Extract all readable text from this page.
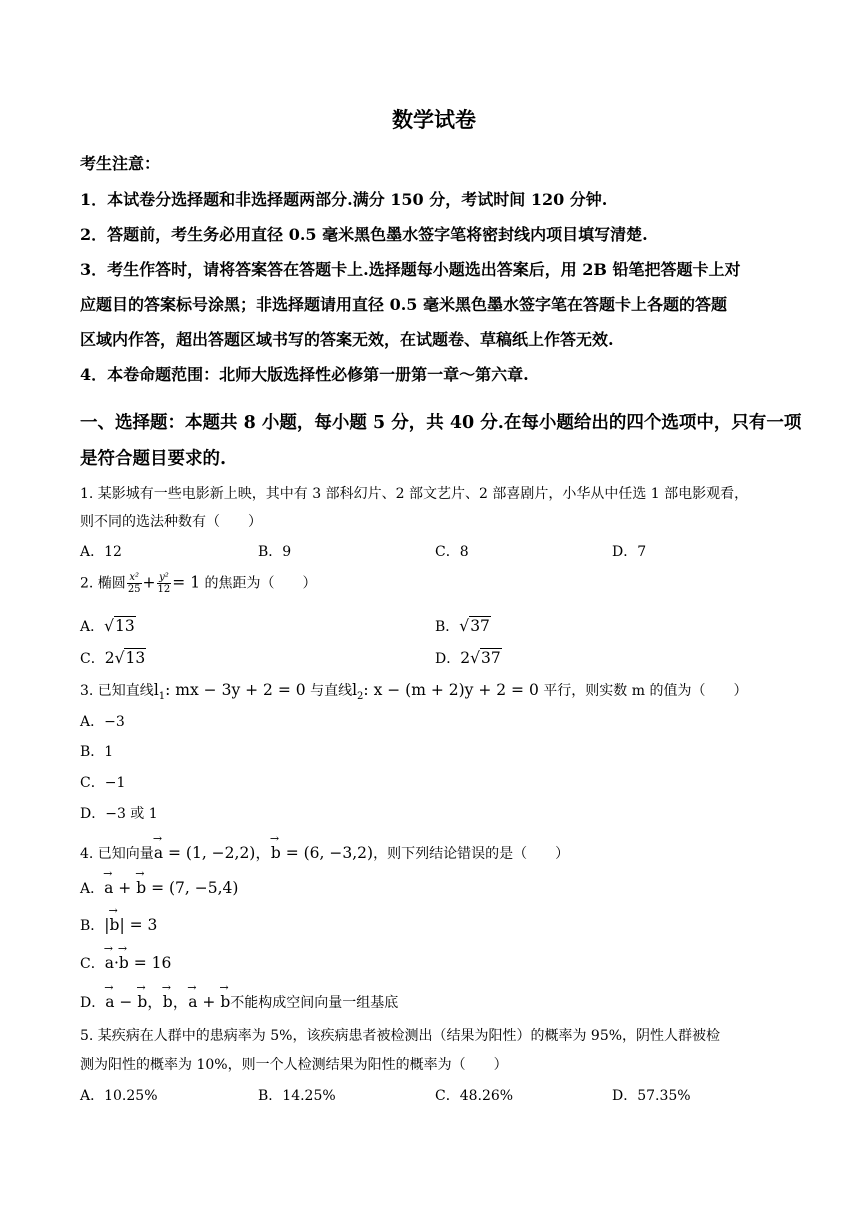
数学试卷
考生注意：
1．本试卷分选择题和非选择题两部分.满分 150 分，考试时间 120 分钟.
2．答题前，考生务必用直径 0.5 毫米黑色墨水签字笔将密封线内项目填写清楚.
3．考生作答时，请将答案答在答题卡上.选择题每小题选出答案后，用 2B 铅笔把答题卡上对
应题目的答案标号涂黑；非选择题请用直径 0.5 毫米黑色墨水签字笔在答题卡上各题的答题
区域内作答，超出答题区域书写的答案无效，在试题卷、草稿纸上作答无效.
4．本卷命题范围：北师大版选择性必修第一册第一章～第六章.
一、选择题：本题共 8 小题，每小题 5 分，共 40 分.在每小题给出的四个选项中，只有一项
是符合题目要求的.
1. 某影城有一些电影新上映，其中有 3 部科幻片、2 部文艺片、2 部喜剧片，小华从中任选 1 部电影观看，
则不同的选法种数有（　　）
A．12	B．9	C．8	D．7
2. 椭圆 $\frac{\text{x²}}{25} + \frac{\text{y²}}{12} = 1$ 的焦距为（　　）
A．√13	B．√37
C．2√13	D．2√37
3. 已知直线$l_1$: mx − 3y + 2 = 0 与直线$l_2$: x − (m + 2)y + 2 = 0 平行，则实数 m 的值为（　　）
A．−3
B．1
C．−1
D．−3 或 1
4. 已知向量→ a = (1, −2,2)，→ b = (6, −3,2)，则下列结论错误的是（　　）
A．→ a + → b = (7, −5,4)
B．|→ b| = 3
C．→ a·→ b = 16
D．→ a − → b，→ b，→ a + → b不能构成空间向量一组基底
5. 某疾病在人群中的患病率为 5%，该疾病患者被检测出（结果为阳性）的概率为 95%，阴性人群被检
测为阳性的概率为 10%，则一个人检测结果为阳性的概率为（　　）
A．10.25%	B．14.25%	C．48.26%	D．57.35%
